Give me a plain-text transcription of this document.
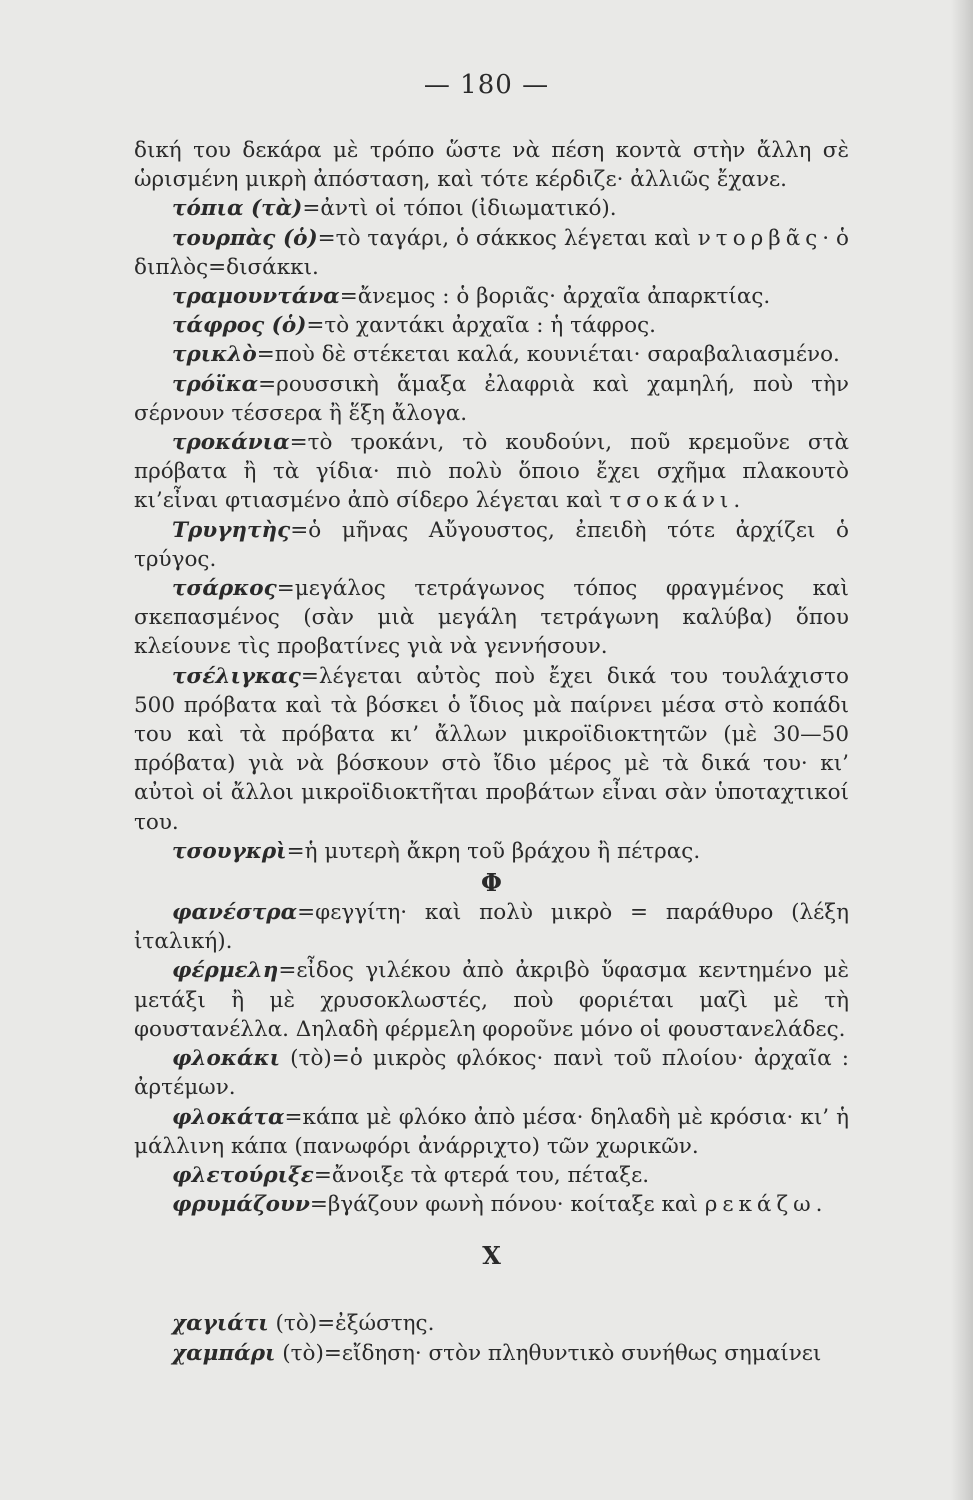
— 180 —

δική του δεκάρα μὲ τρόπο ὥστε νὰ πέση κοντὰ στὴν ἄλλη σὲ ὡρισμένη μικρὴ ἀπόσταση, καὶ τότε κέρδιζε· ἀλλιῶς ἔχανε.

τόπια (τὰ)=ἀντὶ οἱ τόποι (ἰδιωματικό).

τουρπὰς (ὁ)=τὸ ταγάρι, ὁ σάκκος λέγεται καὶ ντορβᾶς· ὁ διπλὸς=δισάκκι.

τραμουντάνα=ἄνεμος : ὁ βοριᾶς· ἀρχαῖα ἀπαρκτίας.

τάφρος (ὁ)=τὸ χαντάκι ἀρχαῖα : ἡ τάφρος.

τρικλὸ=ποὺ δὲ στέκεται καλά, κουνιέται· σαραβαλιασμένο.

τρόϊκα=ρουσσικὴ ἅμαξα ἐλαφριὰ καὶ χαμηλή, ποὺ τὴν σέρνουν τέσσερα ἢ ἕξη ἄλογα.

τροκάνια=τὸ τροκάνι, τὸ κουδούνι, ποῦ κρεμοῦνε στὰ πρόβατα ἢ τὰ γίδια· πιὸ πολὺ ὅποιο ἔχει σχῆμα πλακουτὸ κι’εἶναι φτιασμένο ἀπὸ σίδερο λέγεται καὶ τσοκάνι.

Τρυγητὴς=ὁ μῆνας Αὔγουστος, ἐπειδὴ τότε ἀρχίζει ὁ τρύγος.

τσάρκος=μεγάλος τετράγωνος τόπος φραγμένος καὶ σκεπασμένος (σὰν μιὰ μεγάλη τετράγωνη καλύβα) ὅπου κλείουνε τὶς προβατίνες γιὰ νὰ γεννήσουν.

τσέλιγκας=λέγεται αὐτὸς ποὺ ἔχει δικά του τουλάχιστο 500 πρόβατα καὶ τὰ βόσκει ὁ ἴδιος μὰ παίρνει μέσα στὸ κοπάδι του καὶ τὰ πρόβατα κι’ ἄλλων μικροϊδιοκτητῶν (μὲ 30—50 πρόβατα) γιὰ νὰ βόσκουν στὸ ἴδιο μέρος μὲ τὰ δικά του· κι’ αὐτοὶ οἱ ἄλλοι μικροϊδιοκτῆται προβάτων εἶναι σὰν ὑποταχτικοί του.

τσουγκρὶ=ἡ μυτερὴ ἄκρη τοῦ βράχου ἢ πέτρας.

Φ

φανέστρα=φεγγίτη· καὶ πολὺ μικρὸ = παράθυρο (λέξη ἰταλική).

φέρμελη=εἶδος γιλέκου ἀπὸ ἀκριβὸ ὕφασμα κεντημένο μὲ μετάξι ἢ μὲ χρυσοκλωστές, ποὺ φοριέται μαζὶ μὲ τὴ φουστανέλλα. Δηλαδὴ φέρμελη φοροῦνε μόνο οἱ φουστανελάδες.

φλοκάκι (τὸ)=ὁ μικρὸς φλόκος· πανὶ τοῦ πλοίου· ἀρχαῖα : ἀρτέμων.

φλοκάτα=κάπα μὲ φλόκο ἀπὸ μέσα· δηλαδὴ μὲ κρόσια· κι’ ἡ μάλλινη κάπα (πανωφόρι ἀνάρριχτο) τῶν χωρικῶν.

φλετούριξε=ἄνοιξε τὰ φτερά του, πέταξε.

φρυμάζουν=βγάζουν φωνὴ πόνου· κοίταξε καὶ ρεκάζω.

Χ

χαγιάτι (τὸ)=ἐξώστης.

χαμπάρι (τὸ)=εἴδηση· στὸν πληθυντικὸ συνήθως σημαίνει
